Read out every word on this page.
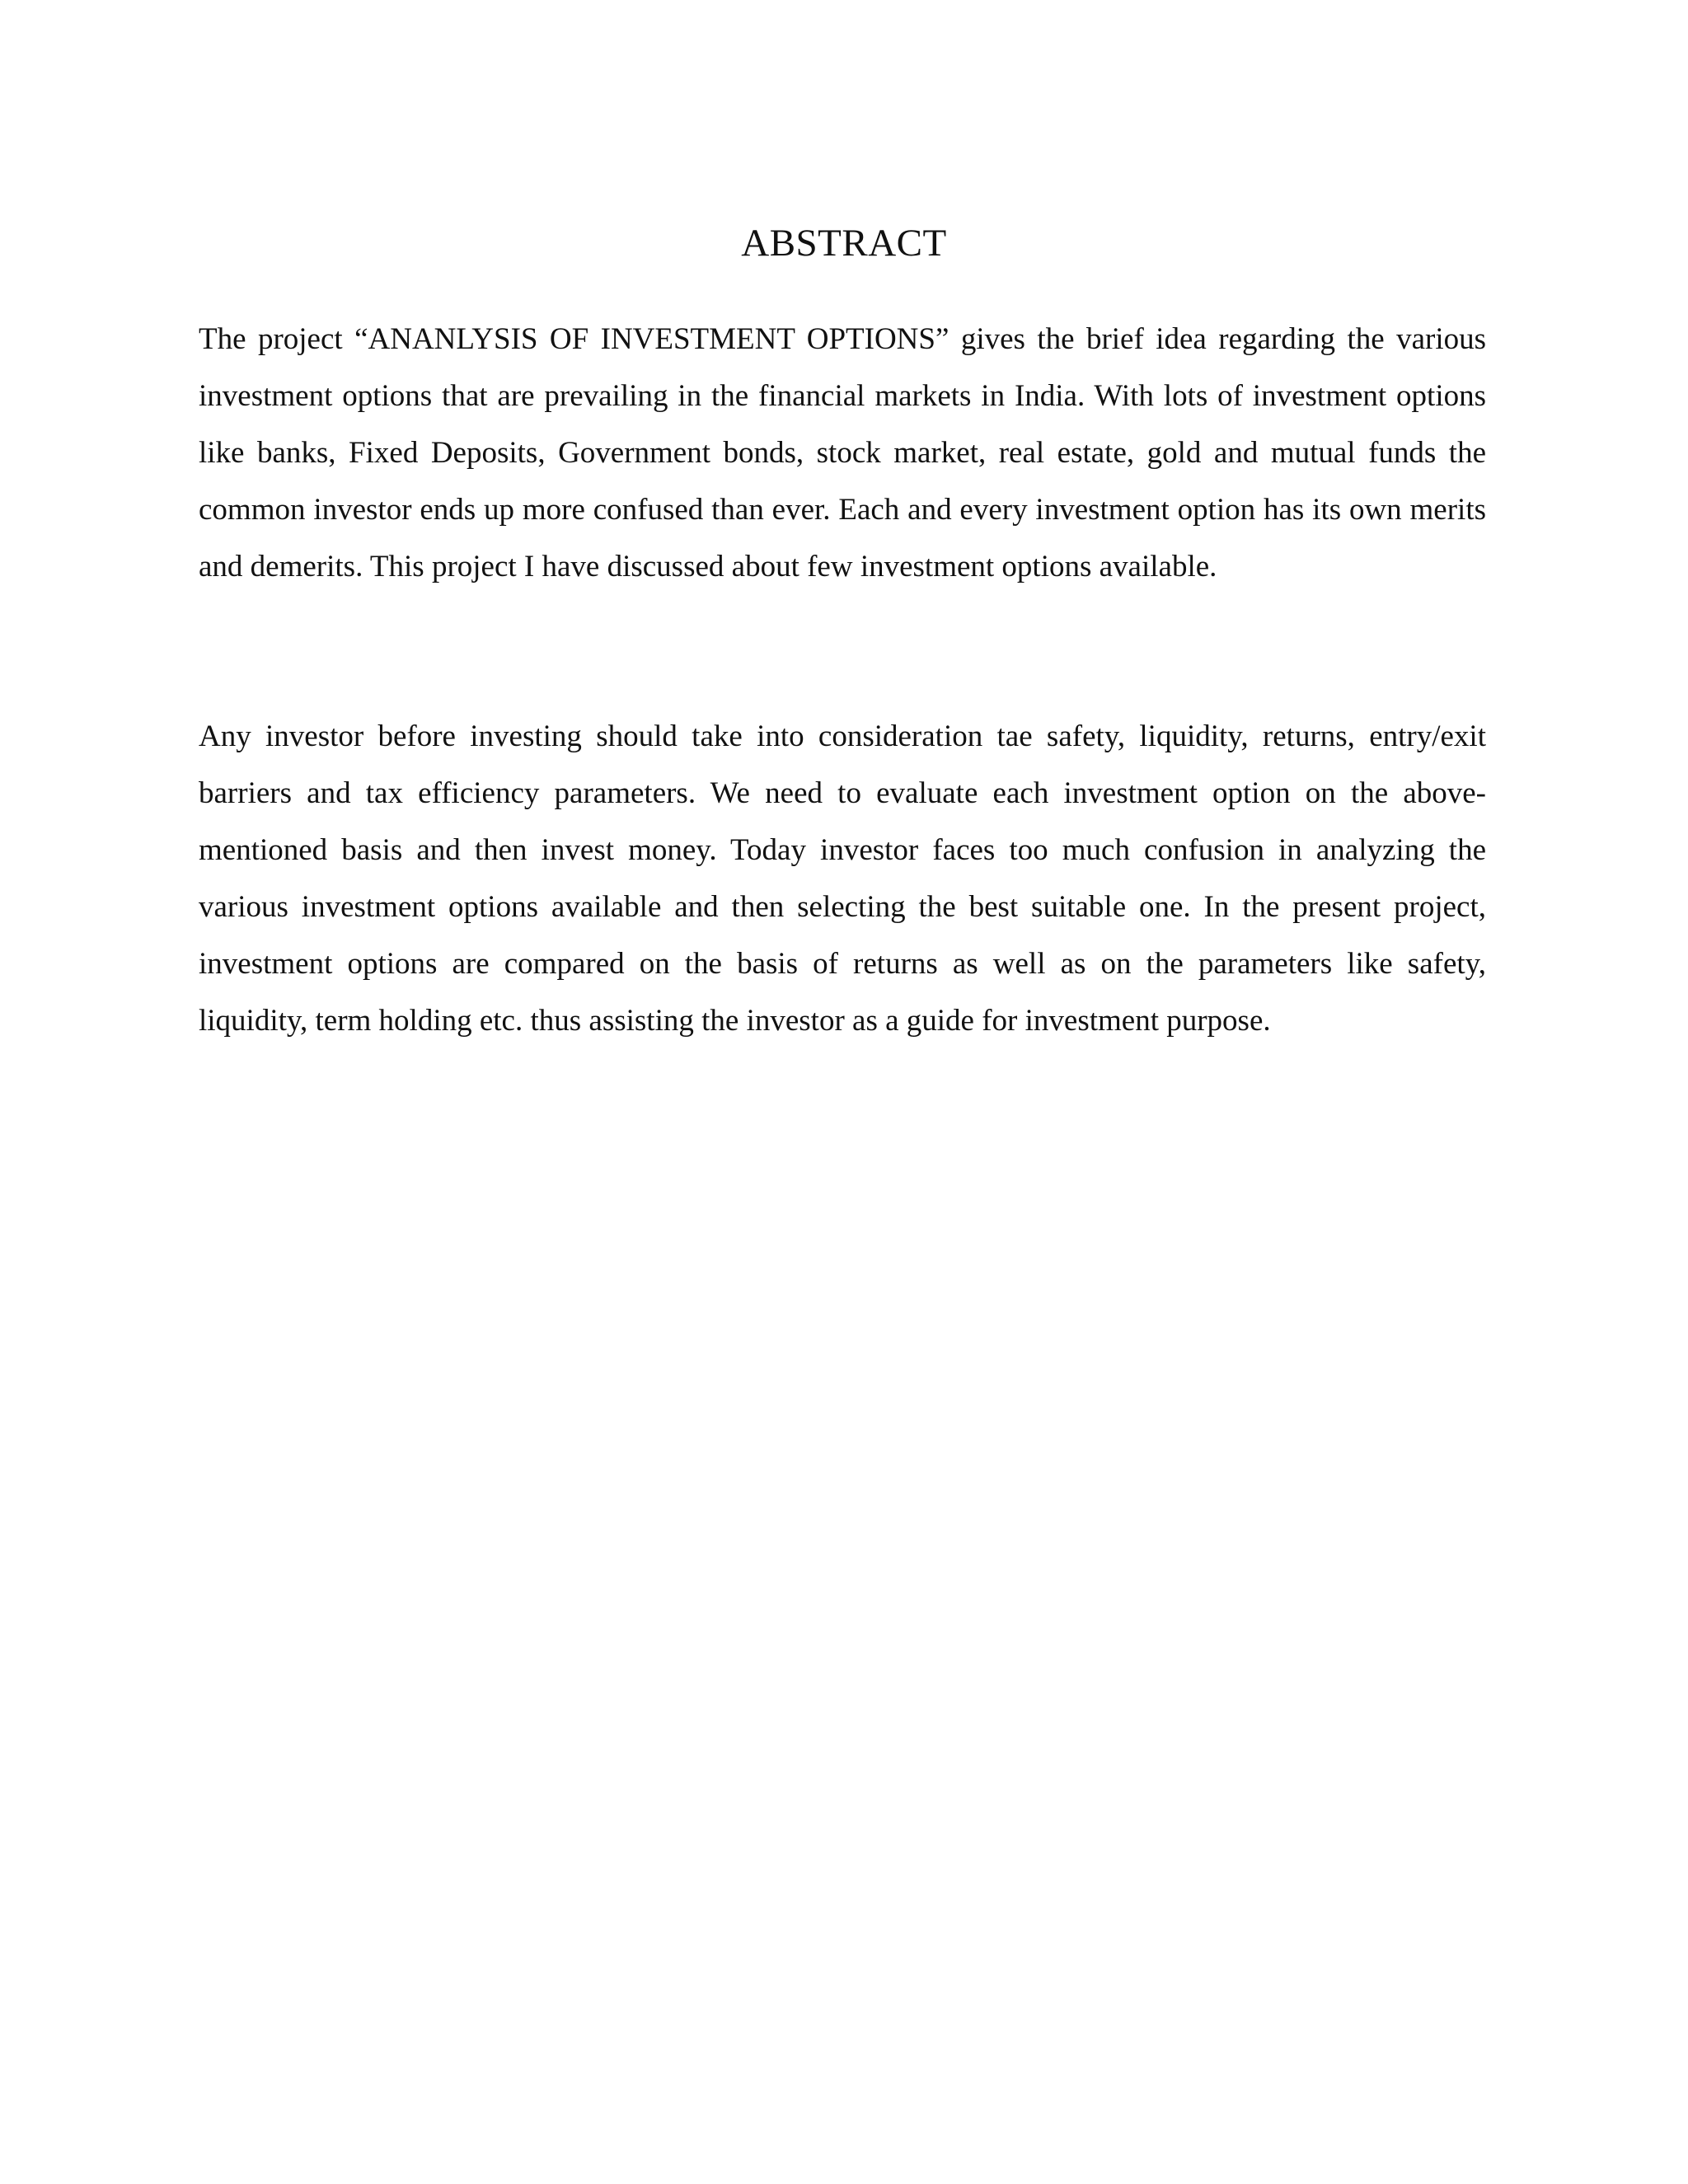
ABSTRACT

The project “ANANLYSIS OF INVESTMENT OPTIONS” gives the brief idea regarding the various investment options that are prevailing in the financial markets in India. With lots of investment options like banks, Fixed Deposits, Government bonds, stock market, real estate, gold and mutual funds the common investor ends up more confused than ever. Each and every investment option has its own merits and demerits. This project I have discussed about few investment options available.

Any investor before investing should take into consideration tae safety, liquidity, returns, entry/exit barriers and tax efficiency parameters. We need to evaluate each investment option on the above-mentioned basis and then invest money. Today investor faces too much confusion in analyzing the various investment options available and then selecting the best suitable one. In the present project, investment options are compared on the basis of returns as well as on the parameters like safety, liquidity, term holding etc. thus assisting the investor as a guide for investment purpose.
